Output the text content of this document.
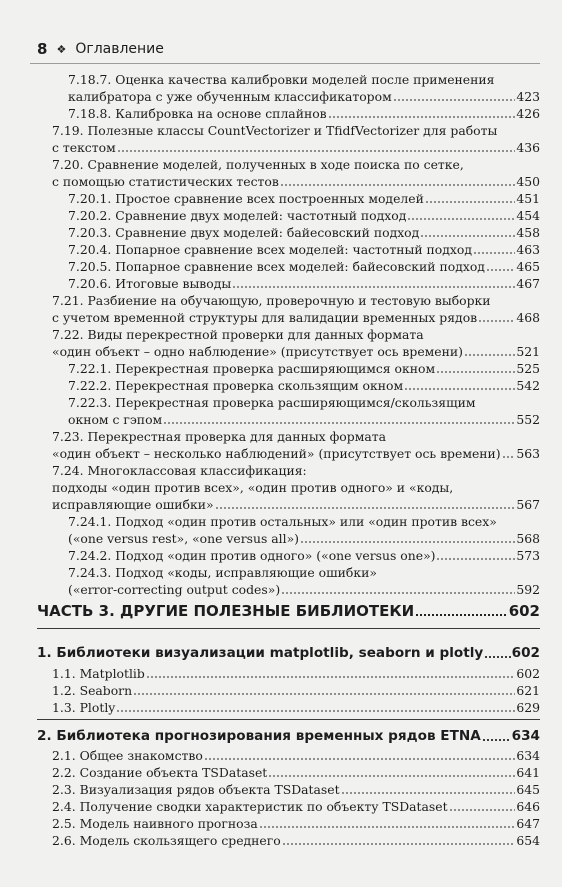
8 ❖ Оглавление
7.18.7. Оценка качества калибровки моделей после применения
калибратора с уже обученным классификатором	423
7.18.8. Калибровка на основе сплайнов	426
7.19. Полезные классы CountVectorizer и TfidfVectorizer для работы
с текстом	436
7.20. Сравнение моделей, полученных в ходе поиска по сетке,
с помощью статистических тестов	450
7.20.1. Простое сравнение всех построенных моделей	451
7.20.2. Сравнение двух моделей: частотный подход	454
7.20.3. Сравнение двух моделей: байесовский подход	458
7.20.4. Попарное сравнение всех моделей: частотный подход	463
7.20.5. Попарное сравнение всех моделей: байесовский подход	465
7.20.6. Итоговые выводы	467
7.21. Разбиение на обучающую, проверочную и тестовую выборки
с учетом временной структуры для валидации временных рядов	468
7.22. Виды перекрестной проверки для данных формата
«один объект – одно наблюдение» (присутствует ось времени)	521
7.22.1. Перекрестная проверка расширяющимся окном	525
7.22.2. Перекрестная проверка скользящим окном	542
7.22.3. Перекрестная проверка расширяющимся/скользящим
окном с гэпом	552
7.23. Перекрестная проверка для данных формата
«один объект – несколько наблюдений» (присутствует ось времени) 563
7.24. Многоклассовая классификация:
подходы «один против всех», «один против одного» и «коды,
исправляющие ошибки»	567
7.24.1. Подход «один против остальных» или «один против всех»
(«one versus rest», «one versus all»)	568
7.24.2. Подход «один против одного» («one versus one»)	573
7.24.3. Подход «коды, исправляющие ошибки»
(«error-correcting output codes»)	592
ЧАСТЬ 3. ДРУГИЕ ПОЛЕЗНЫЕ БИБЛИОТЕКИ	602
1. Библиотеки визуализации matplotlib, seaborn и plotly 602
1.1. Matplotlib	602
1.2. Seaborn	621
1.3. Plotly	629
2. Библиотека прогнозирования временных рядов ETNA 634
2.1. Общее знакомство	634
2.2. Создание объекта TSDataset	641
2.3. Визуализация рядов объекта TSDataset	645
2.4. Получение сводки характеристик по объекту TSDataset	646
2.5. Модель наивного прогноза	647
2.6. Модель скользящего среднего	654
